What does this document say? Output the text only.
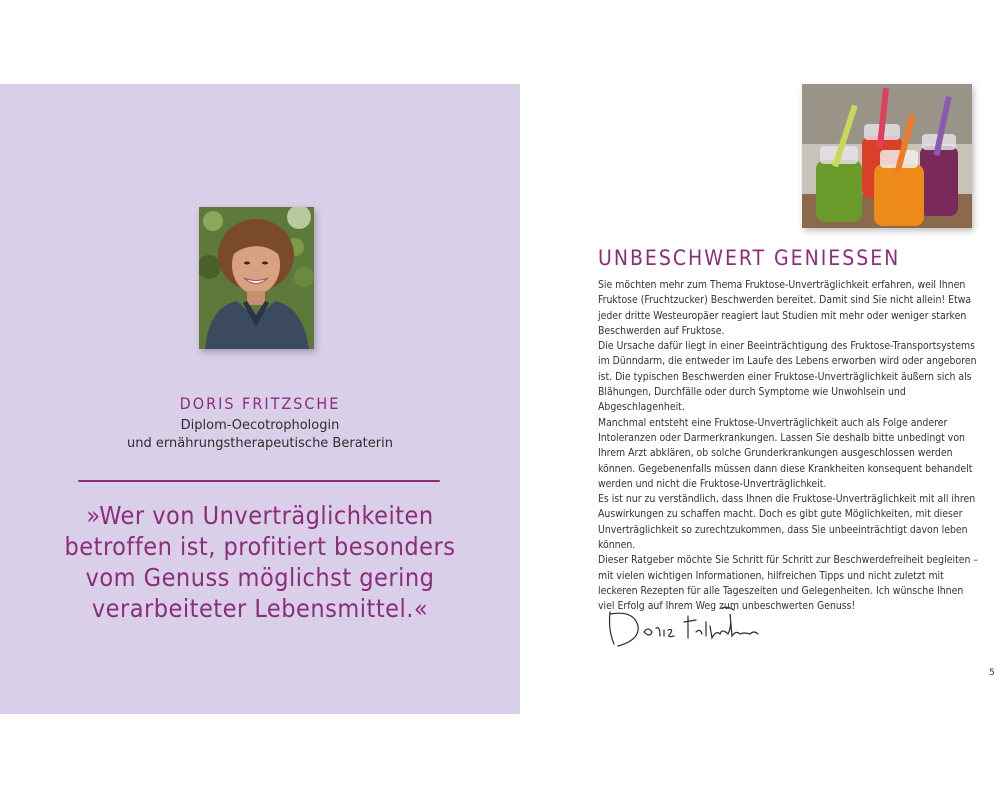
DORIS FRITZSCHE
Diplom-Oecotrophologin
und ernährungstherapeutische Beraterin
»Wer von Unverträglichkeiten betroffen ist, profitiert besonders vom Genuss möglichst gering verarbeiteter Lebensmittel.«
UNBESCHWERT GENIESSEN

Sie möchten mehr zum Thema Fruktose-Unverträglichkeit erfahren, weil Ihnen Fruktose (Fruchtzucker) Beschwerden bereitet. Damit sind Sie nicht allein! Etwa jeder dritte Westeuropäer reagiert laut Studien mit mehr oder weniger starken Beschwerden auf Fruktose.

Die Ursache dafür liegt in einer Beeinträchtigung des Fruktose-Transportsystems im Dünndarm, die entweder im Laufe des Lebens erworben wird oder angeboren ist. Die typischen Beschwerden einer Fruktose-Unverträglichkeit äußern sich als Blähungen, Durchfälle oder durch Symptome wie Unwohlsein und Abgeschlagenheit.

Manchmal entsteht eine Fruktose-Unverträglichkeit auch als Folge anderer Intoleranzen oder Darmerkrankungen. Lassen Sie deshalb bitte unbedingt von Ihrem Arzt abklären, ob solche Grunderkrankungen ausgeschlossen werden können. Gegebenenfalls müssen dann diese Krankheiten konsequent behandelt werden und nicht die Fruktose-Unverträglichkeit.

Es ist nur zu verständlich, dass Ihnen die Fruktose-Unverträglichkeit mit all ihren Auswirkungen zu schaffen macht. Doch es gibt gute Möglichkeiten, mit dieser Unverträglichkeit so zurechtzukommen, dass Sie unbeeinträchtigt davon leben können.

Dieser Ratgeber möchte Sie Schritt für Schritt zur Beschwerdefreiheit begleiten – mit vielen wichtigen Informationen, hilfreichen Tipps und nicht zuletzt mit leckeren Rezepten für alle Tageszeiten und Gelegenheiten. Ich wünsche Ihnen viel Erfolg auf Ihrem Weg zum unbeschwerten Genuss!

5
